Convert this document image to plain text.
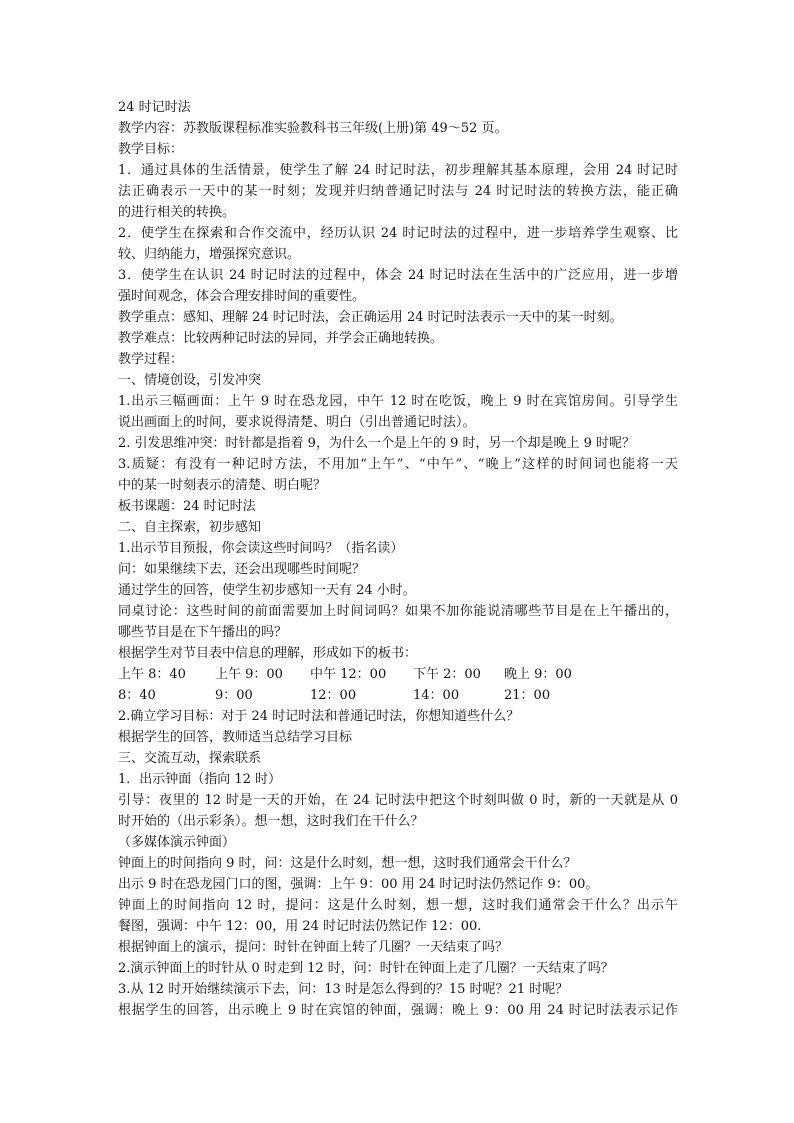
24 时记时法
教学内容：苏教版课程标准实验教科书三年级(上册)第 49～52 页。
教学目标：
1．通过具体的生活情景，使学生了解 24 时记时法，初步理解其基本原理，会用 24 时记时
法正确表示一天中的某一时刻；发现并归纳普通记时法与 24 时记时法的转换方法，能正确
的进行相关的转换。
2．使学生在探索和合作交流中，经历认识 24 时记时法的过程中，进一步培养学生观察、比
较、归纳能力，增强探究意识。
3．使学生在认识 24 时记时法的过程中，体会 24 时记时法在生活中的广泛应用，进一步增
强时间观念，体会合理安排时间的重要性。
教学重点：感知、理解 24 时记时法，会正确运用 24 时记时法表示一天中的某一时刻。
教学难点：比较两种记时法的异同，并学会正确地转换。
教学过程：
一、情境创设，引发冲突
1.出示三幅画面：上午 9 时在恐龙园，中午 12 时在吃饭，晚上 9 时在宾馆房间。引导学生
说出画面上的时间，要求说得清楚、明白（引出普通记时法）。
2. 引发思维冲突：时针都是指着 9，为什么一个是上午的 9 时，另一个却是晚上 9 时呢？
3.质疑：有没有一种记时方法，不用加“上午”、“中午”、“晚上”这样的时间词也能将一天
中的某一时刻表示的清楚、明白呢？
板书课题：24 时记时法
二、自主探索，初步感知
1.出示节目预报，你会读这些时间吗？（指名读）
问：如果继续下去，还会出现哪些时间呢？
通过学生的回答，使学生初步感知一天有 24 小时。
同桌讨论：这些时间的前面需要加上时间词吗？如果不加你能说清哪些节目是在上午播出的，
哪些节目是在下午播出的吗？
根据学生对节目表中信息的理解，形成如下的板书：
上午 8：40 上午 9：00 中午 12：00 下午 2：00 晚上 9：00
8：40	9：00	12：00	14：00	21：00
2.确立学习目标：对于 24 时记时法和普通记时法，你想知道些什么？
根据学生的回答，教师适当总结学习目标
三、交流互动，探索联系
1．出示钟面（指向 12 时）
引导：夜里的 12 时是一天的开始，在 24 记时法中把这个时刻叫做 0 时，新的一天就是从 0
时开始的（出示彩条）。想一想，这时我们在干什么？
（多媒体演示钟面）
钟面上的时间指向 9 时，问：这是什么时刻，想一想，这时我们通常会干什么？
出示 9 时在恐龙园门口的图，强调：上午 9：00 用 24 时记时法仍然记作 9：00。
钟面上的时间指向 12 时，提问：这是什么时刻，想一想，这时我们通常会干什么？出示午
餐图，强调：中午 12：00，用 24 时记时法仍然记作 12：00.
根据钟面上的演示，提问：时针在钟面上转了几圈？一天结束了吗？
2.演示钟面上的时针从 0 时走到 12 时，问：时针在钟面上走了几圈？一天结束了吗？
3.从 12 时开始继续演示下去，问：13 时是怎么得到的？15 时呢？21 时呢？
根据学生的回答，出示晚上 9 时在宾馆的钟面，强调：晚上 9：00 用 24 时记时法表示记作
